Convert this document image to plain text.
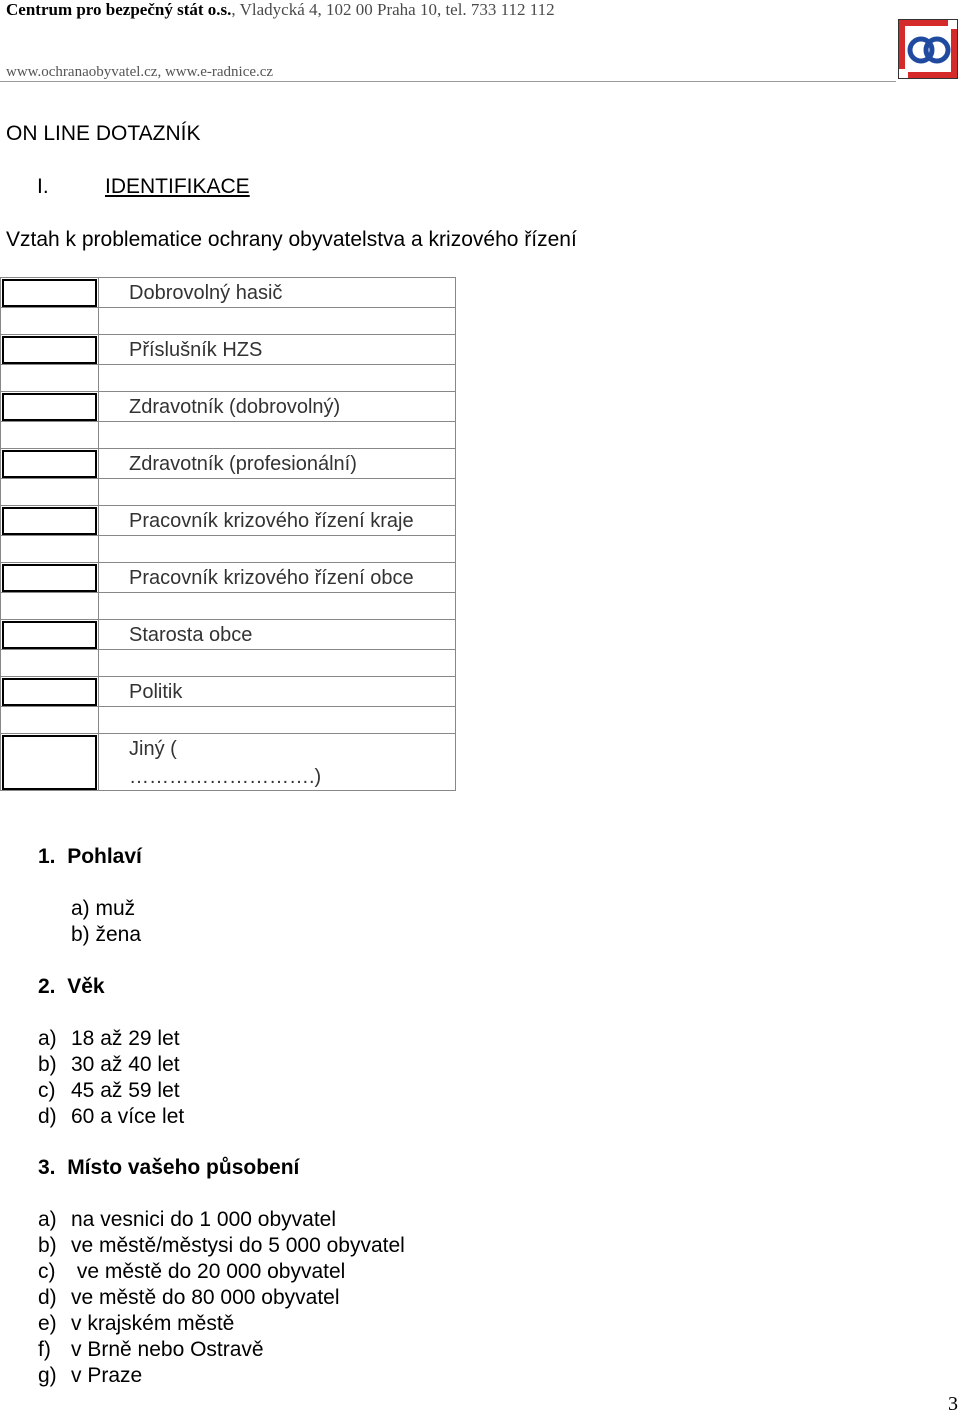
Centrum pro bezpečný stát o.s., Vladycká 4, 102 00 Praha 10, tel. 733 112 112
www.ochranaobyvatel.cz, www.e-radnice.cz
ON LINE DOTAZNÍK
I.	IDENTIFIKACE
Vztah k problematice ochrany obyvatelstva a krizového řízení
Dobrovolný hasič
Příslušník HZS
Zdravotník (dobrovolný)
Zdravotník (profesionální)
Pracovník krizového řízení kraje
Pracovník krizového řízení obce
Starosta obce
Politik
Jiný (
……………………….)
1. Pohlaví
a) muž
b) žena
2. Věk
a) 18 až 29 let
b) 30 až 40 let
c) 45 až 59 let
d) 60 a více let
3. Místo vašeho působení
a) na vesnici do 1 000 obyvatel
b) ve městě/městysi do 5 000 obyvatel
c) ve městě do 20 000 obyvatel
d) ve městě do 80 000 obyvatel
e) v krajském městě
f) v Brně nebo Ostravě
g) v Praze
3
